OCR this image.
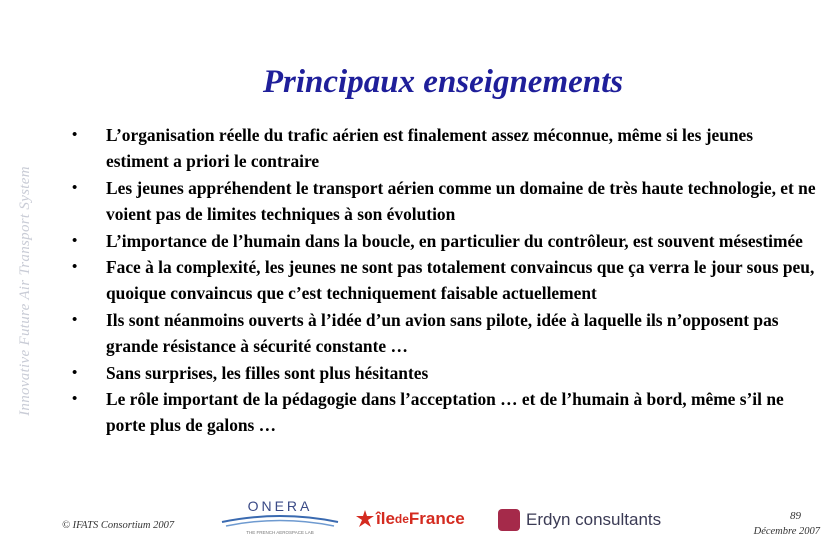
Innovative Future Air Transport System
Principaux enseignements
• L’organisation réelle du trafic aérien est finalement assez méconnue, même si les jeunes estiment a priori le contraire
• Les jeunes appréhendent le transport aérien comme un domaine de très haute technologie, et ne voient pas de limites techniques à son évolution
• L’importance de l’humain dans la boucle, en particulier du contrôleur, est souvent mésestimée
• Face à la complexité, les jeunes ne sont pas totalement convaincus que ça verra le jour sous peu, quoique convaincus que c’est techniquement faisable actuellement
• Ils sont néanmoins ouverts à l’idée d’un avion sans pilote, idée à laquelle ils n’opposent pas grande résistance à sécurité constante …
• Sans surprises, les filles sont plus hésitantes
• Le rôle important de la pédagogie dans l’acceptation … et de l’humain à bord, même s’il ne porte plus de galons …
© IFATS Consortium 2007
ONERA
THE FRENCH AEROSPACE LAB
île de France	Erdyn consultants	89
Décembre 2007
